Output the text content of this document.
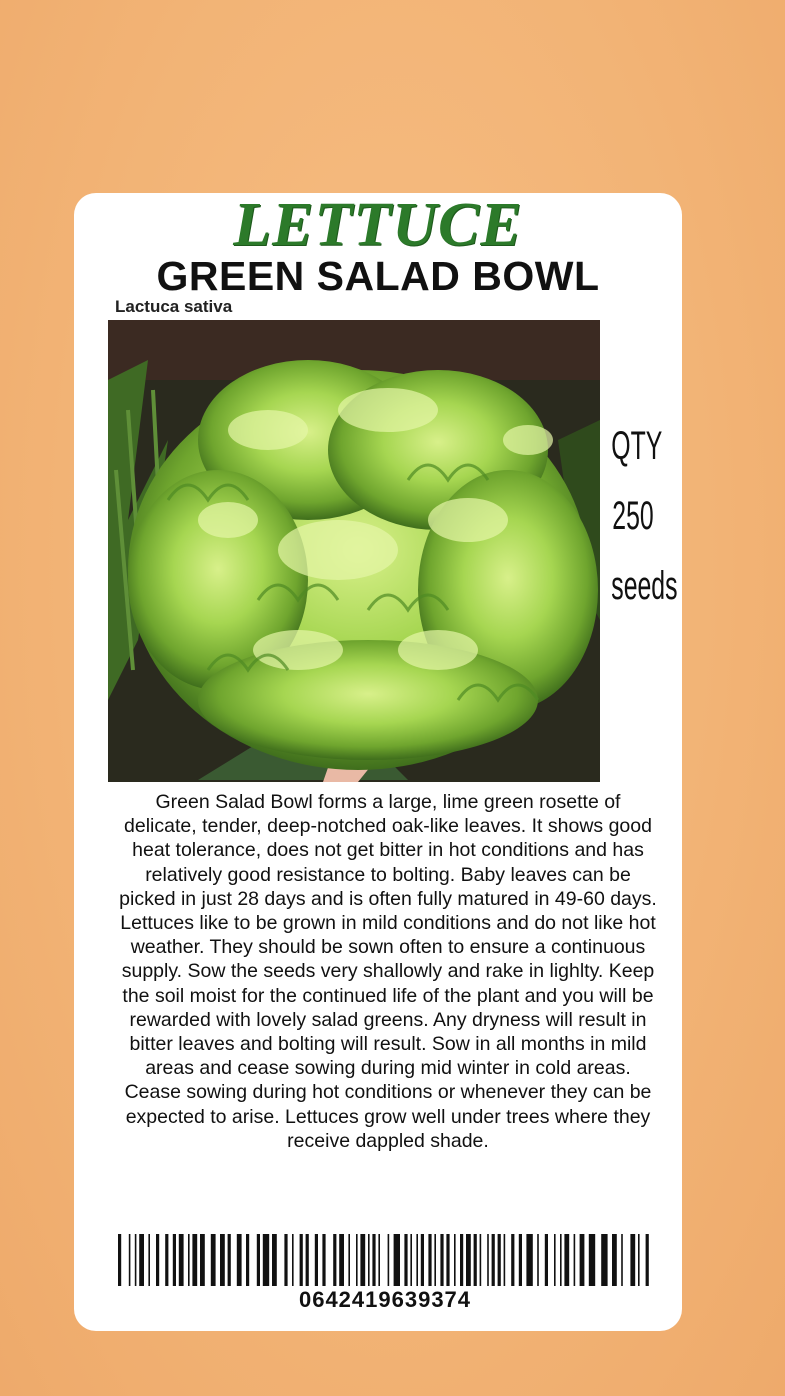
LETTUCE
GREEN SALAD BOWL
Lactuca sativa
QTY
250
seeds
Green Salad Bowl forms a large, lime green rosette of delicate, tender, deep-notched oak-like leaves. It shows good heat tolerance, does not get bitter in hot conditions and has relatively good resistance to bolting. Baby leaves can be picked in just 28 days and is often fully matured in 49-60 days. Lettuces like to be grown in mild conditions and do not like hot weather. They should be sown often to ensure a continuous supply. Sow the seeds very shallowly and rake in lighlty. Keep the soil moist for the continued life of the plant and you will be rewarded with lovely salad greens. Any dryness will result in bitter leaves and bolting will result. Sow in all months in mild areas and cease sowing during mid winter in cold areas. Cease sowing during hot conditions or whenever they can be expected to arise. Lettuces grow well under trees where they receive dappled shade.
0642419639374
